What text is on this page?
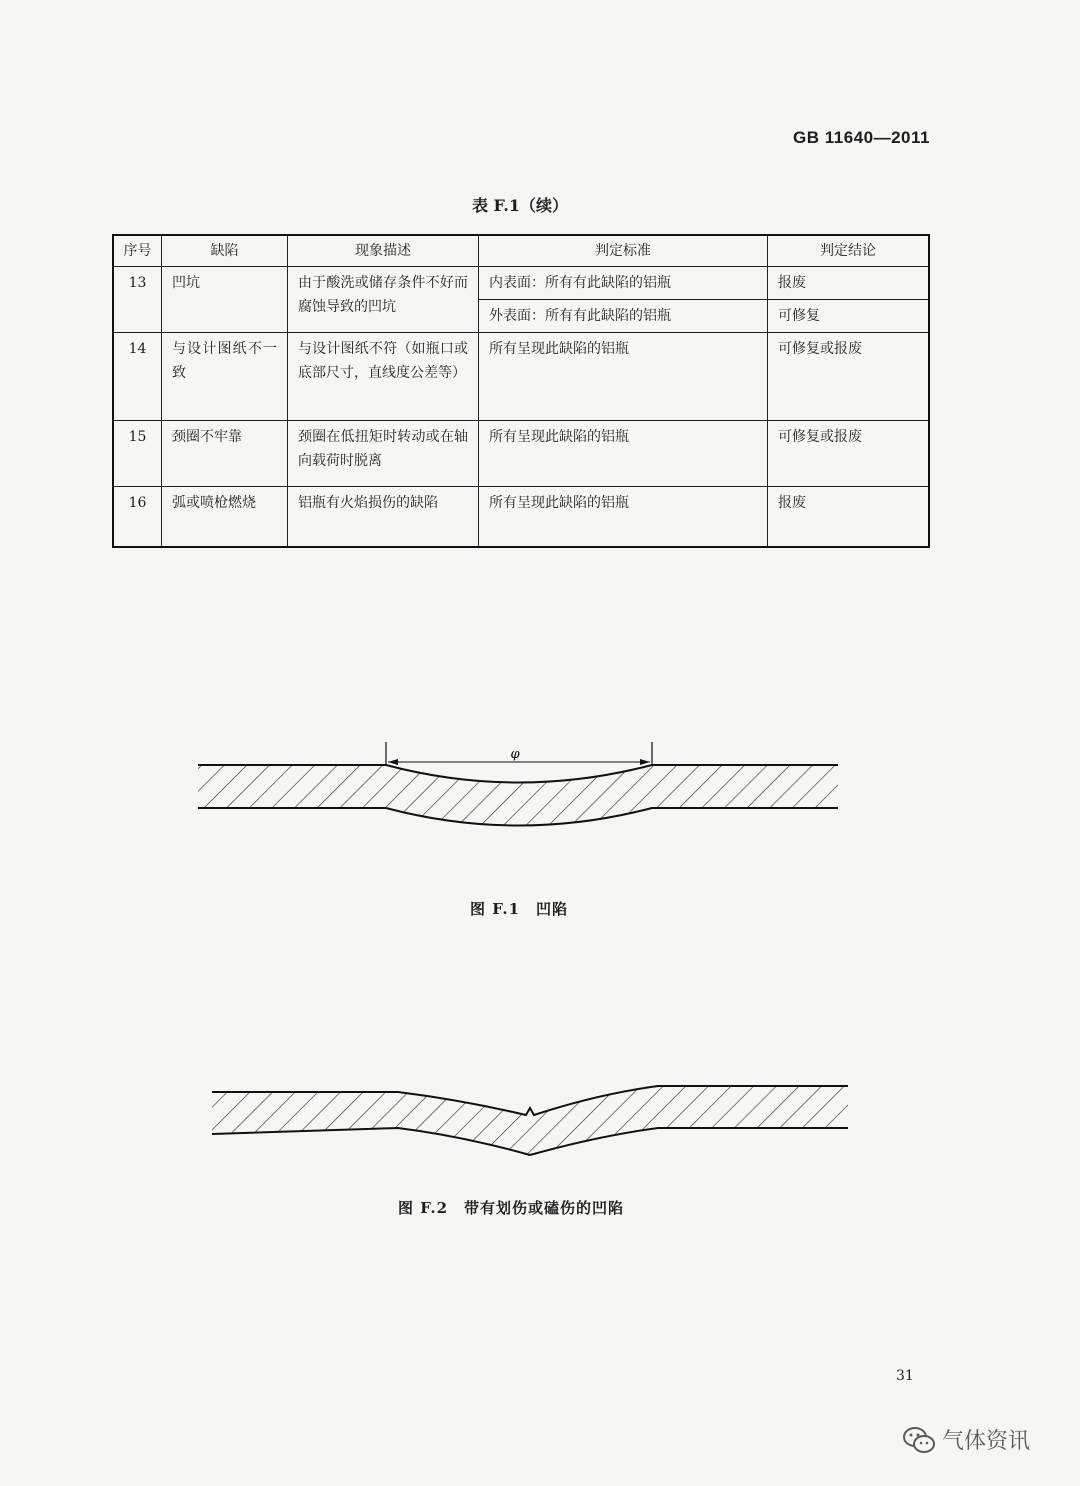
GB 11640—2011
表 F.1（续）
序号	缺陷	现象描述	判定标准	判定结论
13	凹坑	由于酸洗或储存条件不好而腐蚀导致的凹坑	内表面：所有有此缺陷的铝瓶	报废
			外表面：所有有此缺陷的铝瓶	可修复
14	与设计图纸不一致	与设计图纸不符（如瓶口或底部尺寸，直线度公差等）	所有呈现此缺陷的铝瓶	可修复或报废
15	颈圈不牢靠	颈圈在低扭矩时转动或在轴向载荷时脱离	所有呈现此缺陷的铝瓶	可修复或报废
16	弧或喷枪燃烧	铝瓶有火焰损伤的缺陷	所有呈现此缺陷的铝瓶	报废
φ
图 F.1　凹陷
图 F.2　带有划伤或磕伤的凹陷
31
气体资讯
